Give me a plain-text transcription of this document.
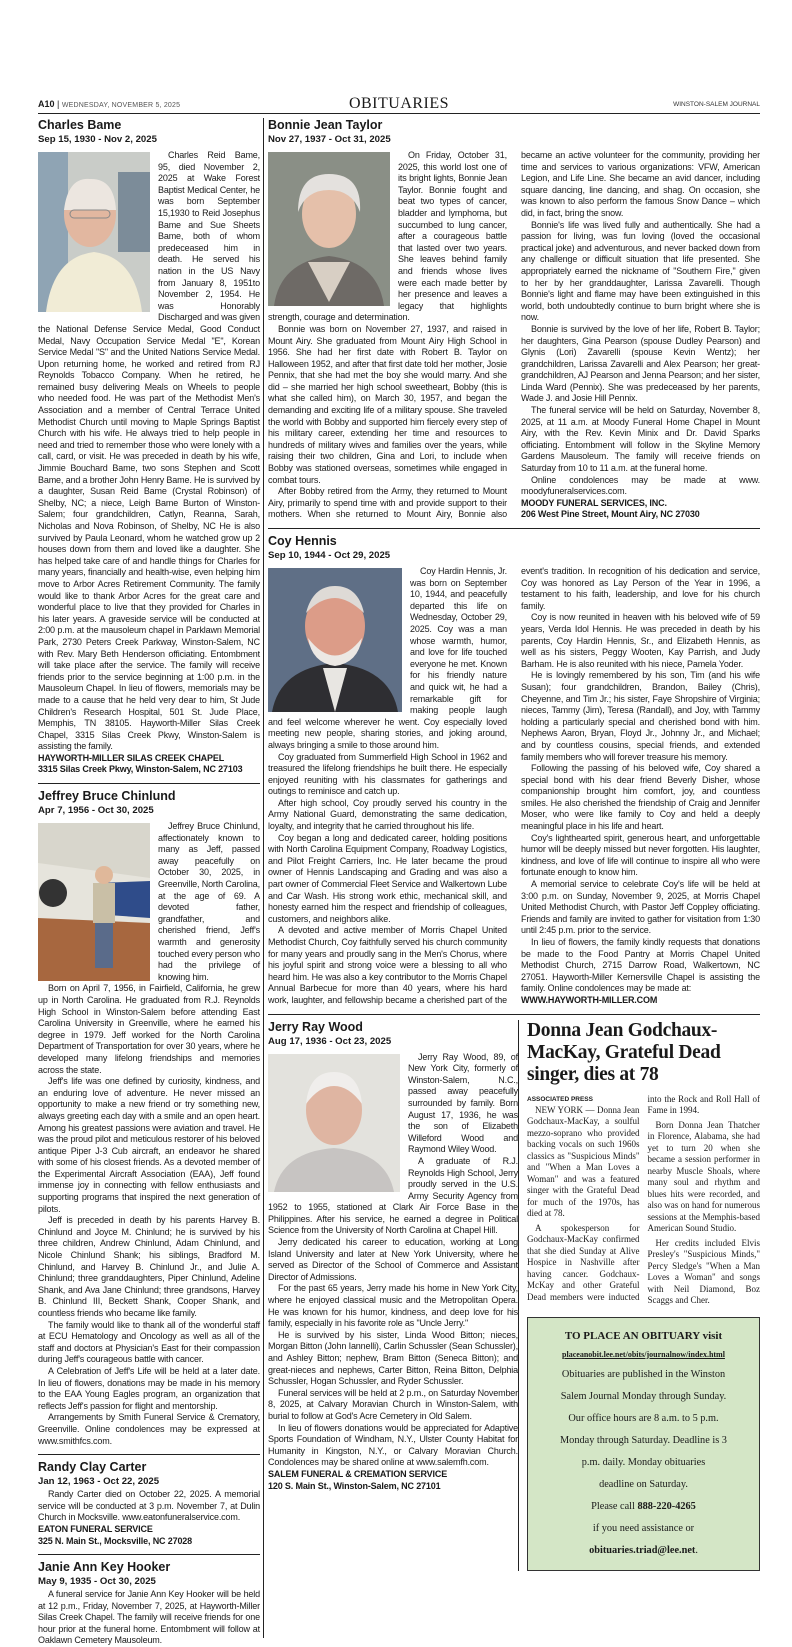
A10 | WEDNESDAY, NOVEMBER 5, 2025	OBITUARIES	WINSTON-SALEM JOURNAL
Charles Bame
Sep 15, 1930 - Nov 2, 2025

Charles Reid Bame, 95, died November 2, 2025 at Wake Forest Baptist Medical Center, he was born September 15,1930 to Reid Josephus Bame and Sue Sheets Bame, both of whom predeceased him in death. He served his nation in the US Navy from January 8, 1951to November 2, 1954. He was Honorably Discharged and was given the National Defense Service Medal, Good Conduct Medal, Navy Occupation Service Medal "E", Korean Service Medal "S" and the United Nations Service Medal. Upon returning home, he worked and retired from RJ Reynolds Tobacco Company. When he retired, he remained busy delivering Meals on Wheels to people who needed food. He was part of the Methodist Men's Association and a member of Central Terrace United Methodist Church until moving to Maple Springs Baptist Church with his wife. He always tried to help people in need and tried to remember those who were lonely with a call, card, or visit. He was preceded in death by his wife, Jimmie Bouchard Bame, two sons Stephen and Scott Bame, and a brother John Henry Bame. He is survived by a daughter, Susan Reid Bame (Crystal Robinson) of Shelby, NC; a niece, Leigh Bame Burton of Winston-Salem; four grandchildren, Catlyn, Reanna, Sarah, Nicholas and Nova Robinson, of Shelby, NC He is also survived by Paula Leonard, whom he watched grow up 2 houses down from them and loved like a daughter. She has helped take care of and handle things for Charles for many years, financially and health-wise, even helping him move to Arbor Acres Retirement Community. The family would like to thank Arbor Acres for the great care and wonderful place to live that they provided for Charles in his later years. A graveside service will be conducted at 2:00 p.m. at the mausoleum chapel in Parklawn Memorial Park, 2730 Peters Creek Parkway, Winston-Salem, NC with Rev. Mary Beth Henderson officiating. Entombment will take place after the service. The family will receive friends prior to the service beginning at 1:00 p.m. in the Mausoleum Chapel. In lieu of flowers, memorials may be made to a cause that he held very dear to him, St Jude Children's Research Hospital, 501 St. Jude Place, Memphis, TN 38105. Hayworth-Miller Silas Creek Chapel, 3315 Silas Creek Pkwy, Winston-Salem is assisting the family.

HAYWORTH-MILLER SILAS CREEK CHAPEL

3315 Silas Creek Pkwy, Winston-Salem, NC 27103

Jeffrey Bruce Chinlund
Apr 7, 1956 - Oct 30, 2025

Jeffrey Bruce Chinlund, affectionately known to many as Jeff, passed away peacefully on October 30, 2025, in Greenville, North Carolina, at the age of 69. A devoted father, grandfather, and cherished friend, Jeff's warmth and generosity touched every person who had the privilege of knowing him.

Born on April 7, 1956, in Fairfield, California, he grew up in North Carolina. He graduated from R.J. Reynolds High School in Winston-Salem before attending East Carolina University in Greenville, where he earned his degree in 1979. Jeff worked for the North Carolina Department of Transportation for over 30 years, where he developed many lifelong friendships and memories across the state.

Jeff's life was one defined by curiosity, kindness, and an enduring love of adventure. He never missed an opportunity to make a new friend or try something new, always greeting each day with a smile and an open heart. Among his greatest passions were aviation and travel. He was the proud pilot and meticulous restorer of his beloved antique Piper J-3 Cub aircraft, an endeavor he shared with some of his closest friends. As a devoted member of the Experimental Aircraft Association (EAA), Jeff found immense joy in connecting with fellow enthusiasts and supporting programs that inspired the next generation of pilots.

Jeff is preceded in death by his parents Harvey B. Chinlund and Joyce M. Chinlund; he is survived by his three children, Andrew Chinlund, Adam Chinlund, and Nicole Chinlund Shank; his siblings, Bradford M. Chinlund, and Harvey B. Chinlund Jr., and Julie A. Chinlund; three granddaughters, Piper Chinlund, Adeline Shank, and Ava Jane Chinlund; three grandsons, Harvey B. Chinlund III, Beckett Shank, Cooper Shank, and countless friends who became like family.

The family would like to thank all of the wonderful staff at ECU Hematology and Oncology as well as all of the staff and doctors at Physician's East for their compassion during Jeff's courageous battle with cancer.

A Celebration of Jeff's Life will be held at a later date. In lieu of flowers, donations may be made in his memory to the EAA Young Eagles program, an organization that reflects Jeff's passion for flight and mentorship.

Arrangements by Smith Funeral Service & Crematory, Greenville. Online condolences may be expressed at www.smithfcs.com.

Randy Clay Carter
Jan 12, 1963 - Oct 22, 2025

Randy Carter died on October 22, 2025. A memorial service will be conducted at 3 p.m. November 7, at Dulin Church in Mocksville. www.eatonfuneralservice.com.

EATON FUNERAL SERVICE

325 N. Main St., Mocksville, NC 27028

Janie Ann Key Hooker
May 9, 1935 - Oct 30, 2025

A funeral service for Janie Ann Key Hooker will be held at 12 p.m., Friday, November 7, 2025, at Hayworth-Miller Silas Creek Chapel. The family will receive friends for one hour prior at the funeral home. Entombment will follow at Oaklawn Cemetery Mausoleum.

Bonnie Jean Taylor
Nov 27, 1937 - Oct 31, 2025

On Friday, October 31, 2025, this world lost one of its bright lights, Bonnie Jean Taylor. Bonnie fought and beat two types of cancer, bladder and lymphoma, but succumbed to lung cancer, after a courageous battle that lasted over two years. She leaves behind family and friends whose lives were each made better by her presence and leaves a legacy that highlights strength, courage and determination.

Bonnie was born on November 27, 1937, and raised in Mount Airy. She graduated from Mount Airy High School in 1956. She had her first date with Robert B. Taylor on Halloween 1952, and after that first date told her mother, Josie Pennix, that she had met the boy she would marry. And she did – she married her high school sweetheart, Bobby (this is what she called him), on March 30, 1957, and began the demanding and exciting life of a military spouse. She traveled the world with Bobby and supported him fiercely every step of his military career, extending her time and resources to hundreds of military wives and families over the years, while raising their two children, Gina and Lori, to include when Bobby was stationed overseas, sometimes while engaged in combat tours.

After Bobby retired from the Army, they returned to Mount Airy, primarily to spend time with and provide support to their mothers. When she returned to Mount Airy, Bonnie also became an active volunteer for the community, providing her time and services to various organizations: VFW, American Legion, and Life Line. She became an avid dancer, including square dancing, line dancing, and shag. On occasion, she was known to also perform the famous Snow Dance – which did, in fact, bring the snow.

Bonnie's life was lived fully and authentically. She had a passion for living, was fun loving (loved the occasional practical joke) and adventurous, and never backed down from any challenge or difficult situation that life presented. She appropriately earned the nickname of "Southern Fire," given to her by her granddaughter, Larissa Zavarelli. Though Bonnie's light and flame may have been extinguished in this world, both undoubtedly continue to burn bright where she is now.

Bonnie is survived by the love of her life, Robert B. Taylor; her daughters, Gina Pearson (spouse Dudley Pearson) and Glynis (Lori) Zavarelli (spouse Kevin Wentz); her grandchildren, Larissa Zavarelli and Alex Pearson; her great-grandchildren, AJ Pearson and Jenna Pearson; and her sister, Linda Ward (Pennix). She was predeceased by her parents, Wade J. and Josie Hill Pennix.

The funeral service will be held on Saturday, November 8, 2025, at 11 a.m. at Moody Funeral Home Chapel in Mount Airy, with the Rev. Kevin Minix and Dr. David Sparks officiating. Entombment will follow in the Skyline Memory Gardens Mausoleum. The family will receive friends on Saturday from 10 to 11 a.m. at the funeral home.

Online condolences may be made at www. moodyfuneralservices.com.

MOODY FUNERAL SERVICES, INC.

206 West Pine Street, Mount Airy, NC 27030

Coy Hennis
Sep 10, 1944 - Oct 29, 2025

Coy Hardin Hennis, Jr. was born on September 10, 1944, and peacefully departed this life on Wednesday, October 29, 2025. Coy was a man whose warmth, humor, and love for life touched everyone he met. Known for his friendly nature and quick wit, he had a remarkable gift for making people laugh and feel welcome wherever he went. Coy especially loved meeting new people, sharing stories, and joking around, always bringing a smile to those around him.

Coy graduated from Summerfield High School in 1962 and treasured the lifelong friendships he built there. He especially enjoyed reuniting with his classmates for gatherings and outings to reminisce and catch up.

After high school, Coy proudly served his country in the Army National Guard, demonstrating the same dedication, loyalty, and integrity that he carried throughout his life.

Coy began a long and dedicated career, holding positions with North Carolina Equipment Company, Roadway Logistics, and Pilot Freight Carriers, Inc. He later became the proud owner of Hennis Landscaping and Grading and was also a part owner of Commercial Fleet Service and Walkertown Lube and Car Wash. His strong work ethic, mechanical skill, and honesty earned him the respect and friendship of colleagues, customers, and neighbors alike.

A devoted and active member of Morris Chapel United Methodist Church, Coy faithfully served his church community for many years and proudly sang in the Men's Chorus, where his joyful spirit and strong voice were a blessing to all who heard him. He was also a key contributor to the Morris Chapel Annual Barbecue for more than 40 years, where his hard work, laughter, and fellowship became a cherished part of the event's tradition. In recognition of his dedication and service, Coy was honored as Lay Person of the Year in 1996, a testament to his faith, leadership, and love for his church family.

Coy is now reunited in heaven with his beloved wife of 59 years, Verda Idol Hennis. He was preceded in death by his parents, Coy Hardin Hennis, Sr., and Elizabeth Hennis, as well as his sisters, Peggy Wooten, Kay Parrish, and Judy Barham. He is also reunited with his niece, Pamela Yoder.

He is lovingly remembered by his son, Tim (and his wife Susan); four grandchildren, Brandon, Bailey (Chris), Cheyenne, and Tim Jr.; his sister, Faye Shropshire of Virginia; nieces, Tammy (Jim), Teresa (Randall), and Joy, with Tammy holding a particularly special and cherished bond with him. Nephews Aaron, Bryan, Floyd Jr., Johnny Jr., and Michael; and by countless cousins, special friends, and extended family members who will forever treasure his memory.

Following the passing of his beloved wife, Coy shared a special bond with his dear friend Beverly Disher, whose companionship brought him comfort, joy, and countless smiles. He also cherished the friendship of Craig and Jennifer Moser, who were like family to Coy and held a deeply meaningful place in his life and heart.

Coy's lighthearted spirit, generous heart, and unforgettable humor will be deeply missed but never forgotten. His laughter, kindness, and love of life will continue to inspire all who were fortunate enough to know him.

A memorial service to celebrate Coy's life will be held at 3:00 p.m. on Sunday, November 9, 2025, at Morris Chapel United Methodist Church, with Pastor Jeff Coppley officiating. Friends and family are invited to gather for visitation from 1:30 until 2:45 p.m. prior to the service.

In lieu of flowers, the family kindly requests that donations be made to the Food Pantry at Morris Chapel United Methodist Church, 2715 Darrow Road, Walkertown, NC 27051. Hayworth-Miller Kernersville Chapel is assisting the family. Online condolences may be made at:

WWW.HAYWORTH-MILLER.COM

Jerry Ray Wood
Aug 17, 1936 - Oct 23, 2025

Jerry Ray Wood, 89, of New York City, formerly of Winston-Salem, N.C., passed away peacefully surrounded by family. Born August 17, 1936, he was the son of Elizabeth Willeford Wood and Raymond Wiley Wood.

A graduate of R.J. Reynolds High School, Jerry proudly served in the U.S. Army Security Agency from 1952 to 1955, stationed at Clark Air Force Base in the Philippines. After his service, he earned a degree in Political Science from the University of North Carolina at Chapel Hill.

Jerry dedicated his career to education, working at Long Island University and later at New York University, where he served as Director of the School of Commerce and Assistant Director of Admissions.

For the past 65 years, Jerry made his home in New York City, where he enjoyed classical music and the Metropolitan Opera. He was known for his humor, kindness, and deep love for his family, especially in his favorite role as "Uncle Jerry."

He is survived by his sister, Linda Wood Bitton; nieces, Morgan Bitton (John Iannelli), Carlin Schussler (Sean Schussler), and Ashley Bitton; nephew, Bram Bitton (Seneca Bitton); and great-nieces and nephews, Carter Bitton, Reina Bitton, Delphia Schussler, Hogan Schussler, and Ryder Schussler.

Funeral services will be held at 2 p.m., on Saturday November 8, 2025, at Calvary Moravian Church in Winston-Salem, with burial to follow at God's Acre Cemetery in Old Salem.

In lieu of flowers donations would be appreciated for Adaptive Sports Foundation of Windham, N.Y., Ulster County Habitat for Humanity in Kingston, N.Y., or Calvary Moravian Church. Condolences may be shared online at www.salemfh.com.

SALEM FUNERAL & CREMATION SERVICE

120 S. Main St., Winston-Salem, NC 27101

Donna Jean Godchaux-MacKay, Grateful Dead singer, dies at 78
ASSOCIATED PRESS

NEW YORK — Donna Jean Godchaux-MacKay, a soulful mezzo-soprano who provided backing vocals on such 1960s classics as "Suspicious Minds" and "When a Man Loves a Woman" and was a featured singer with the Grateful Dead for much of the 1970s, has died at 78.

A spokesperson for Godchaux-MacKay confirmed that she died Sunday at Alive Hospice in Nashville after having cancer. Godchaux-McKay and other Grateful Dead members were inducted into the Rock and Roll Hall of Fame in 1994.

Born Donna Jean Thatcher in Florence, Alabama, she had yet to turn 20 when she became a session performer in nearby Muscle Shoals, where many soul and rhythm and blues hits were recorded, and also was on hand for numerous sessions at the Memphis-based American Sound Studio.

Her credits included Elvis Presley's "Suspicious Minds," Percy Sledge's "When a Man Loves a Woman" and songs with Neil Diamond, Boz Scaggs and Cher.

TO PLACE AN OBITUARY visit
placeanobit.lee.net/obits/journalnow/index.html
Obituaries are published in the Winston
Salem Journal Monday through Sunday.
Our office hours are 8 a.m. to 5 p.m.
Monday through Saturday. Deadline is 3
p.m. daily. Monday obituaries
deadline on Saturday.
Please call 888-220-4265
if you need assistance or
obituaries.triad@lee.net.
